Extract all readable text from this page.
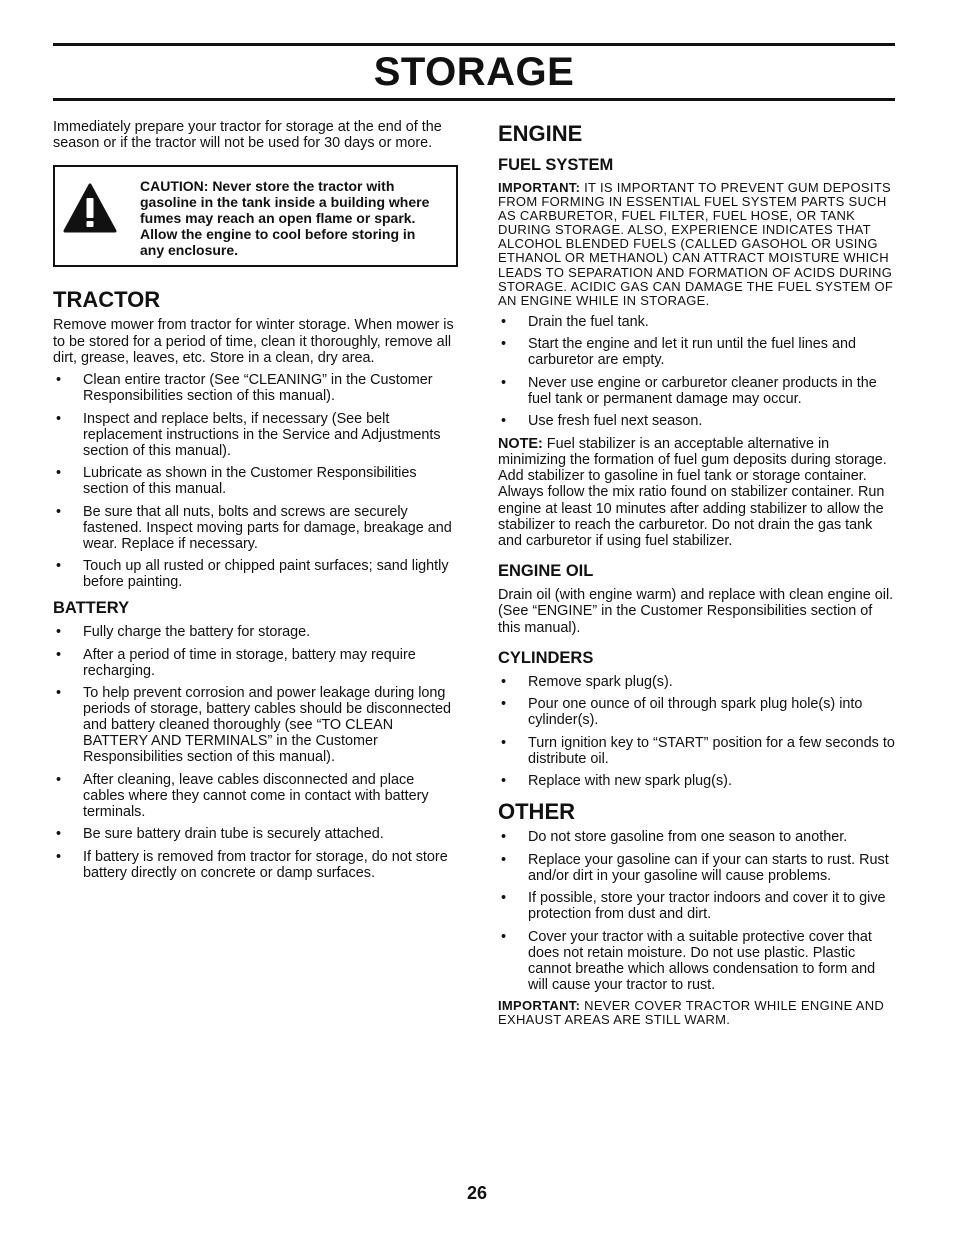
STORAGE

Immediately prepare your tractor for storage at the end of the season or if the tractor will not be used for 30 days or more.

CAUTION: Never store the tractor with gasoline in the tank inside a building where fumes may reach an open flame or spark. Allow the engine to cool before storing in any enclosure.
TRACTOR

Remove mower from tractor for winter storage. When mower is to be stored for a period of time, clean it thoroughly, remove all dirt, grease, leaves, etc. Store in a clean, dry area.

• Clean entire tractor (See “CLEANING” in the Customer Responsibilities section of this manual).
• Inspect and replace belts, if necessary (See belt replacement instructions in the Service and Adjustments section of this manual).
• Lubricate as shown in the Customer Responsibilities section of this manual.
• Be sure that all nuts, bolts and screws are securely fastened. Inspect moving parts for damage, breakage and wear. Replace if necessary.
• Touch up all rusted or chipped paint surfaces; sand lightly before painting.
BATTERY
• Fully charge the battery for storage.
• After a period of time in storage, battery may require recharging.
• To help prevent corrosion and power leakage during long periods of storage, battery cables should be disconnected and battery cleaned thoroughly (see “TO CLEAN BATTERY AND TERMINALS” in the Customer Responsibilities section of this manual).
• After cleaning, leave cables disconnected and place cables where they cannot come in contact with battery terminals.
• Be sure battery drain tube is securely attached.
• If battery is removed from tractor for storage, do not store battery directly on concrete or damp surfaces.
ENGINE
FUEL SYSTEM

IMPORTANT: IT IS IMPORTANT TO PREVENT GUM DEPOSITS FROM FORMING IN ESSENTIAL FUEL SYSTEM PARTS SUCH AS CARBURETOR, FUEL FILTER, FUEL HOSE, OR TANK DURING STORAGE. ALSO, EXPERIENCE INDICATES THAT ALCOHOL BLENDED FUELS (CALLED GASOHOL OR USING ETHANOL OR METHANOL) CAN ATTRACT MOISTURE WHICH LEADS TO SEPARATION AND FORMATION OF ACIDS DURING STORAGE. ACIDIC GAS CAN DAMAGE THE FUEL SYSTEM OF AN ENGINE WHILE IN STORAGE.

• Drain the fuel tank.
• Start the engine and let it run until the fuel lines and carburetor are empty.
• Never use engine or carburetor cleaner products in the fuel tank or permanent damage may occur.
• Use fresh fuel next season.

NOTE: Fuel stabilizer is an acceptable alternative in minimizing the formation of fuel gum deposits during storage. Add stabilizer to gasoline in fuel tank or storage container. Always follow the mix ratio found on stabilizer container. Run engine at least 10 minutes after adding stabilizer to allow the stabilizer to reach the carburetor. Do not drain the gas tank and carburetor if using fuel stabilizer.

ENGINE OIL

Drain oil (with engine warm) and replace with clean engine oil. (See “ENGINE” in the Customer Responsibilities section of this manual).

CYLINDERS
• Remove spark plug(s).
• Pour one ounce of oil through spark plug hole(s) into cylinder(s).
• Turn ignition key to “START” position for a few seconds to distribute oil.
• Replace with new spark plug(s).
OTHER
• Do not store gasoline from one season to another.
• Replace your gasoline can if your can starts to rust. Rust and/or dirt in your gasoline will cause problems.
• If possible, store your tractor indoors and cover it to give protection from dust and dirt.
• Cover your tractor with a suitable protective cover that does not retain moisture. Do not use plastic. Plastic cannot breathe which allows condensation to form and will cause your tractor to rust.

IMPORTANT: NEVER COVER TRACTOR WHILE ENGINE AND EXHAUST AREAS ARE STILL WARM.

26
